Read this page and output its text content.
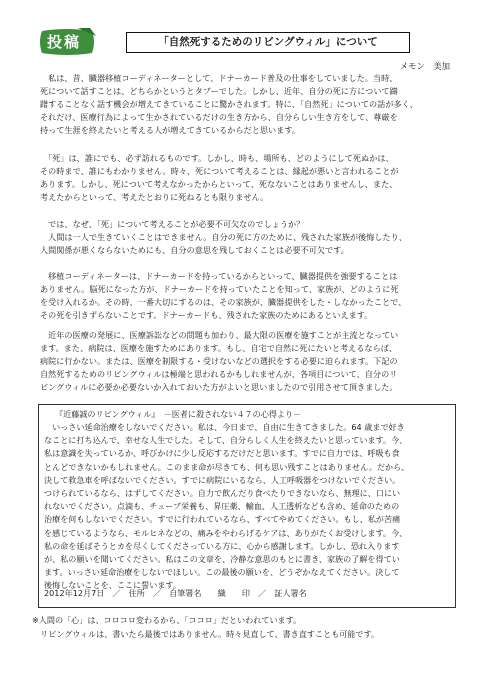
投稿	「自然死するためのリビングウィル」について
メモン　美加

　私は、昔、臓器移植コーディネーターとして、ドナーカード普及の仕事をしていました。当時、
死について話すことは、どちらかというとタブーでした。しかし、近年、自分の死に方について躊
躇することなく話す機会が増えてきていることに驚かされます。特に、「自然死」についての話が多く、
それだけ、医療行為によって生かされているだけの生き方から、自分らしい生き方をして、尊厳を
持って生涯を終えたいと考える人が増えてきているからだと思います。

　「死」は、誰にでも、必ず訪れるものです。しかし、時も、場所も、どのようにして死ぬかは、
その時まで、誰にもわかりません。時々、死について考えることは、縁起が悪いと言われることが
あります。しかし、死について考えなかったからといって、死なないことはありませんし、また、
考えたからといって、考えたとおりに死ねるとも限りません。

　では、なぜ、「死」について考えることが必要不可欠なのでしょうか？
　人間は一人で生きていくことはできません。自分の死に方のために、残された家族が後悔したり、
人間関係が悪くならないためにも、自分の意思を残しておくことは必要不可欠です。

　移植コーディネーターは、ドナーカードを持っているからといって、臓器提供を強要することは
ありません。脳死になった方が、ドナーカードを持っていたことを知って、家族が、どのように死
を受け入れるか。その時、一番大切にするのは、その家族が、臓器提供をした・しなかったことで、
その死を引きずらないことです。ドナーカードも、残された家族のためにあるといえます。

　近年の医療の発展に、医療訴訟などの問題も加わり、最大限の医療を施すことが主流となってい
ます。また、病院は、医療を施すためにあります。もし、自宅で自然に死にたいと考えるならば、
病院に行かない。または、医療を制限する・受けないなどの選択をする必要に迫られます。下記の
自然死するためのリビングウィルは極端と思われるかもしれませんが、各項目について、自分のリ
ビングウィルに必要か必要ないか入れておいた方がよいと思いましたので引用させて頂きました。

『近藤誠のリビングウィル』　－医者に殺されない４７の心得より－

　いっさい延命治療をしないでください。私は、今日まで、自由に生きてきました。64 歳まで好き
なことに打ち込んで、幸せな人生でした。そして、自分らしく人生を終えたいと思っています。今、
私は意識を失っているか、呼びかけに少し反応するだけだと思います。すでに自力では、呼吸も食
とんどできないかもしれません。このまま命が尽きても、何も思い残すことはありません。だから、
決して救急車を呼ばないでください。すでに病院にいるなら、人工呼吸器をつけないでください。
つけられているなら、はずしてください。自力で飲んだり食べたりできないなら、無理に、口にい
れないでください。点滴も、チューブ栄養も、昇圧薬、輸血、人工透析なども含め、延命のための
治療を何もしないでください。すでに行われているなら、すべてやめてください。もし、私が苦痛
を感じているようなら、モルヒネなどの、痛みをやわらげるケアは、ありがたくお受けします。今、
私の命を延ばそうとカを尽くしてくださっている方に、心から感謝します。しかし、恐れ入ります
が、私の願いを聞いてください。私はこの文章を、冷静な意思のもとに書き、家族の了解を得てい
ます。いっさい延命治療をしないでほしい。この最後の願いを、どうぞかなえてください。決して
後悔しないことを、ここに誓います。

2012年12月7日　／　住所　／　自筆署名　　織　　印　／　証人署名

※人間の「心」は、コロコロ変わるから、「ココロ」だといわれています。

　リビングウィルは、書いたら最後ではありません。時々見直して、書き直すことも可能です。
